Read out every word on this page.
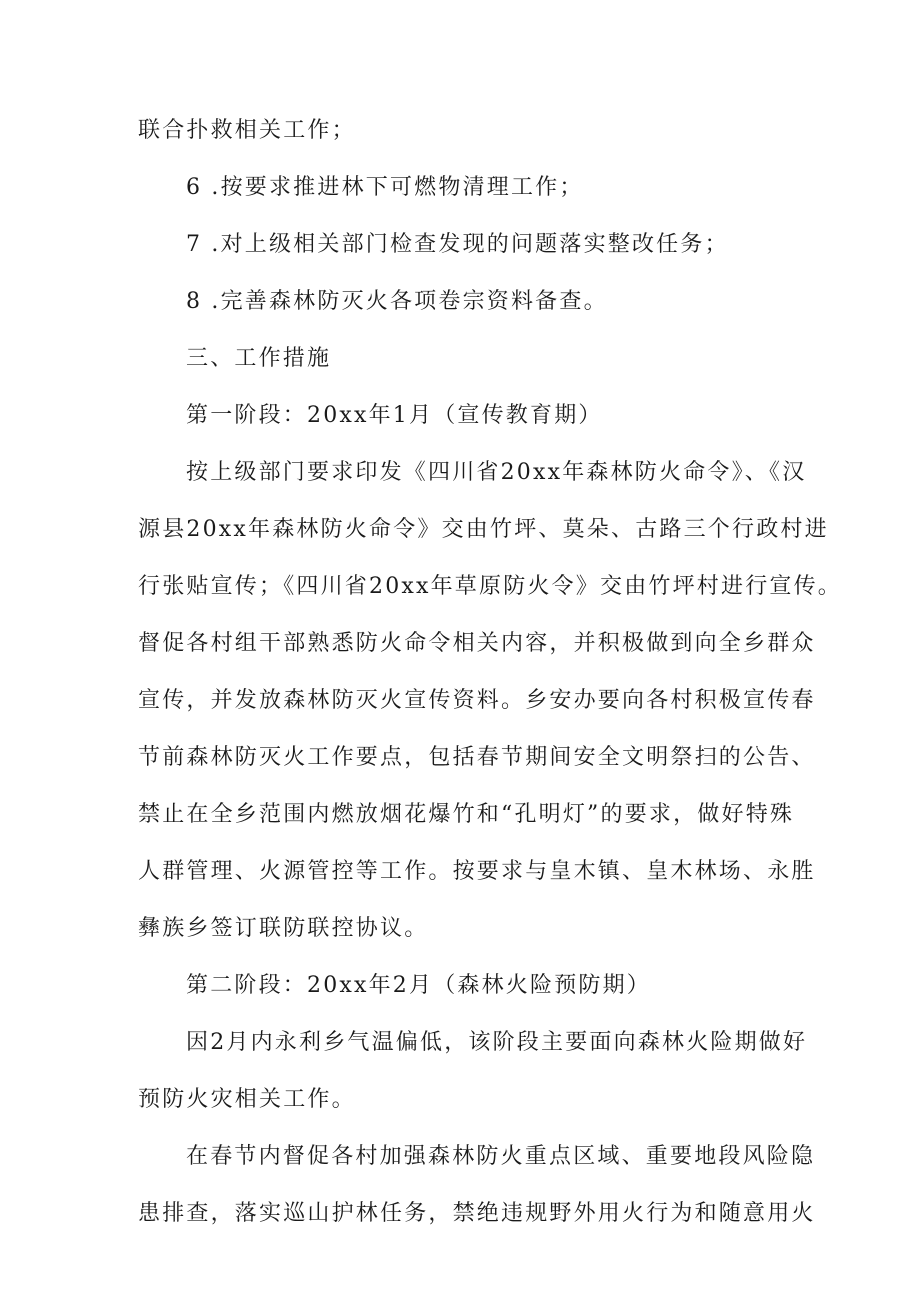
联合扑救相关工作；
6 .按要求推进林下可燃物清理工作；
7 .对上级相关部门检查发现的问题落实整改任务；
8 .完善森林防灭火各项卷宗资料备查。
三、工作措施
第一阶段：20xx年1月（宣传教育期）
按上级部门要求印发《四川省20xx年森林防火命令》、《汉
源县20xx年森林防火命令》交由竹坪、莫朵、古路三个行政村进
行张贴宣传；《四川省20xx年草原防火令》交由竹坪村进行宣传。
督促各村组干部熟悉防火命令相关内容，并积极做到向全乡群众
宣传，并发放森林防灭火宣传资料。乡安办要向各村积极宣传春
节前森林防灭火工作要点，包括春节期间安全文明祭扫的公告、
禁止在全乡范围内燃放烟花爆竹和“孔明灯”的要求，做好特殊
人群管理、火源管控等工作。按要求与皇木镇、皇木林场、永胜
彝族乡签订联防联控协议。
第二阶段：20xx年2月（森林火险预防期）
因2月内永利乡气温偏低，该阶段主要面向森林火险期做好
预防火灾相关工作。
在春节内督促各村加强森林防火重点区域、重要地段风险隐
患排查，落实巡山护林任务，禁绝违规野外用火行为和随意用火
